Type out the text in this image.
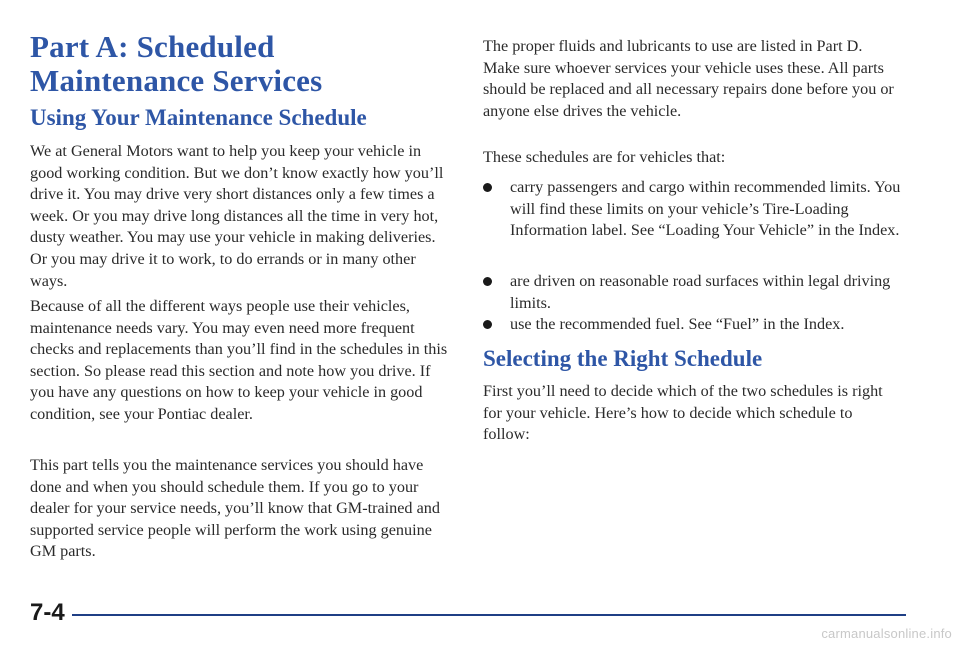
Part A: Scheduled Maintenance Services
Using Your Maintenance Schedule

We at General Motors want to help you keep your vehicle in good working condition. But we don’t know exactly how you’ll drive it. You may drive very short distances only a few times a week. Or you may drive long distances all the time in very hot, dusty weather. You may use your vehicle in making deliveries. Or you may drive it to work, to do errands or in many other ways.

Because of all the different ways people use their vehicles, maintenance needs vary. You may even need more frequent checks and replacements than you’ll find in the schedules in this section. So please read this section and note how you drive. If you have any questions on how to keep your vehicle in good condition, see your Pontiac dealer.

This part tells you the maintenance services you should have done and when you should schedule them. If you go to your dealer for your service needs, you’ll know that GM-trained and supported service people will perform the work using genuine GM parts.

The proper fluids and lubricants to use are listed in Part D. Make sure whoever services your vehicle uses these. All parts should be replaced and all necessary repairs done before you or anyone else drives the vehicle.

These schedules are for vehicles that:

carry passengers and cargo within recommended limits. You will find these limits on your vehicle’s Tire-Loading Information label. See “Loading Your Vehicle” in the Index.

are driven on reasonable road surfaces within legal driving limits.

use the recommended fuel. See “Fuel” in the Index.

Selecting the Right Schedule

First you’ll need to decide which of the two schedules is right for your vehicle. Here’s how to decide which schedule to follow:

7-4
carmanualsonline.info
